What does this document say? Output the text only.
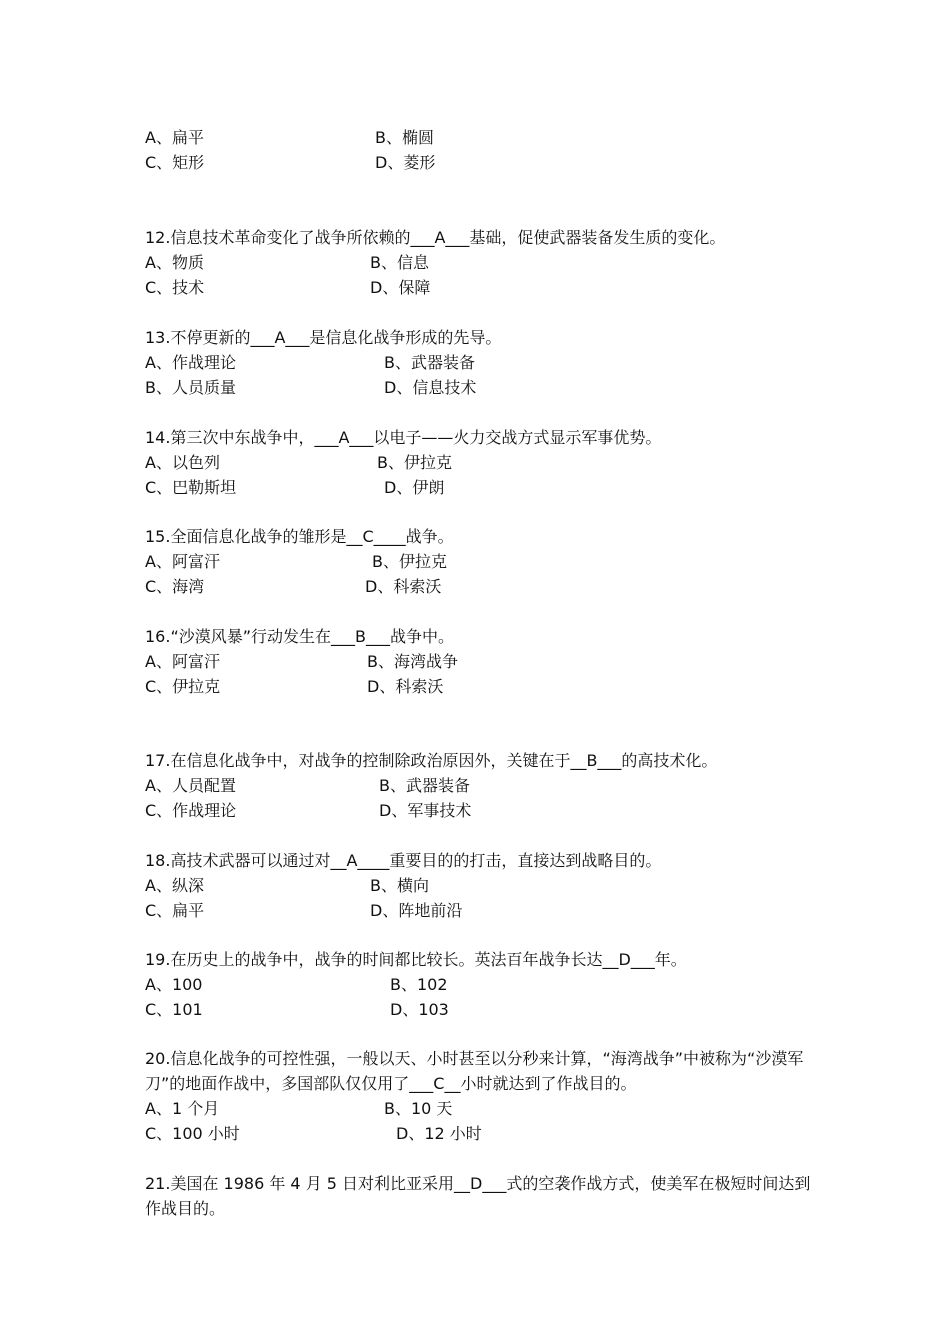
A、扁平	B、椭圆

C、矩形	D、菱形

12.信息技术革命变化了战争所依赖的___A___基础，促使武器装备发生质的变化。

A、物质	B、信息

C、技术	D、保障

13.不停更新的___A___是信息化战争形成的先导。

A、作战理论	B、武器装备

B、人员质量	D、信息技术

14.第三次中东战争中，___A___以电子——火力交战方式显示军事优势。

A、以色列	B、伊拉克

C、巴勒斯坦	D、伊朗

15.全面信息化战争的雏形是__C____战争。

A、阿富汗	B、伊拉克

C、海湾	D、科索沃

16.“沙漠风暴”行动发生在___B___战争中。

A、阿富汗	B、海湾战争

C、伊拉克	D、科索沃

17.在信息化战争中，对战争的控制除政治原因外，关键在于__B___的高技术化。

A、人员配置	B、武器装备

C、作战理论	D、军事技术

18.高技术武器可以通过对__A____重要目的的打击，直接达到战略目的。

A、纵深	B、横向

C、扁平	D、阵地前沿

19.在历史上的战争中，战争的时间都比较长。英法百年战争长达__D___年。

A、100	B、102

C、101	D、103

20.信息化战争的可控性强，一般以天、小时甚至以分秒来计算，“海湾战争”中被称为“沙漠军刀”的地面作战中，多国部队仅仅用了___C__小时就达到了作战目的。

A、1 个月	B、10 天

C、100 小时	D、12 小时

21.美国在 1986 年 4 月 5 日对利比亚采用__D___式的空袭作战方式，使美军在极短时间达到作战目的。
